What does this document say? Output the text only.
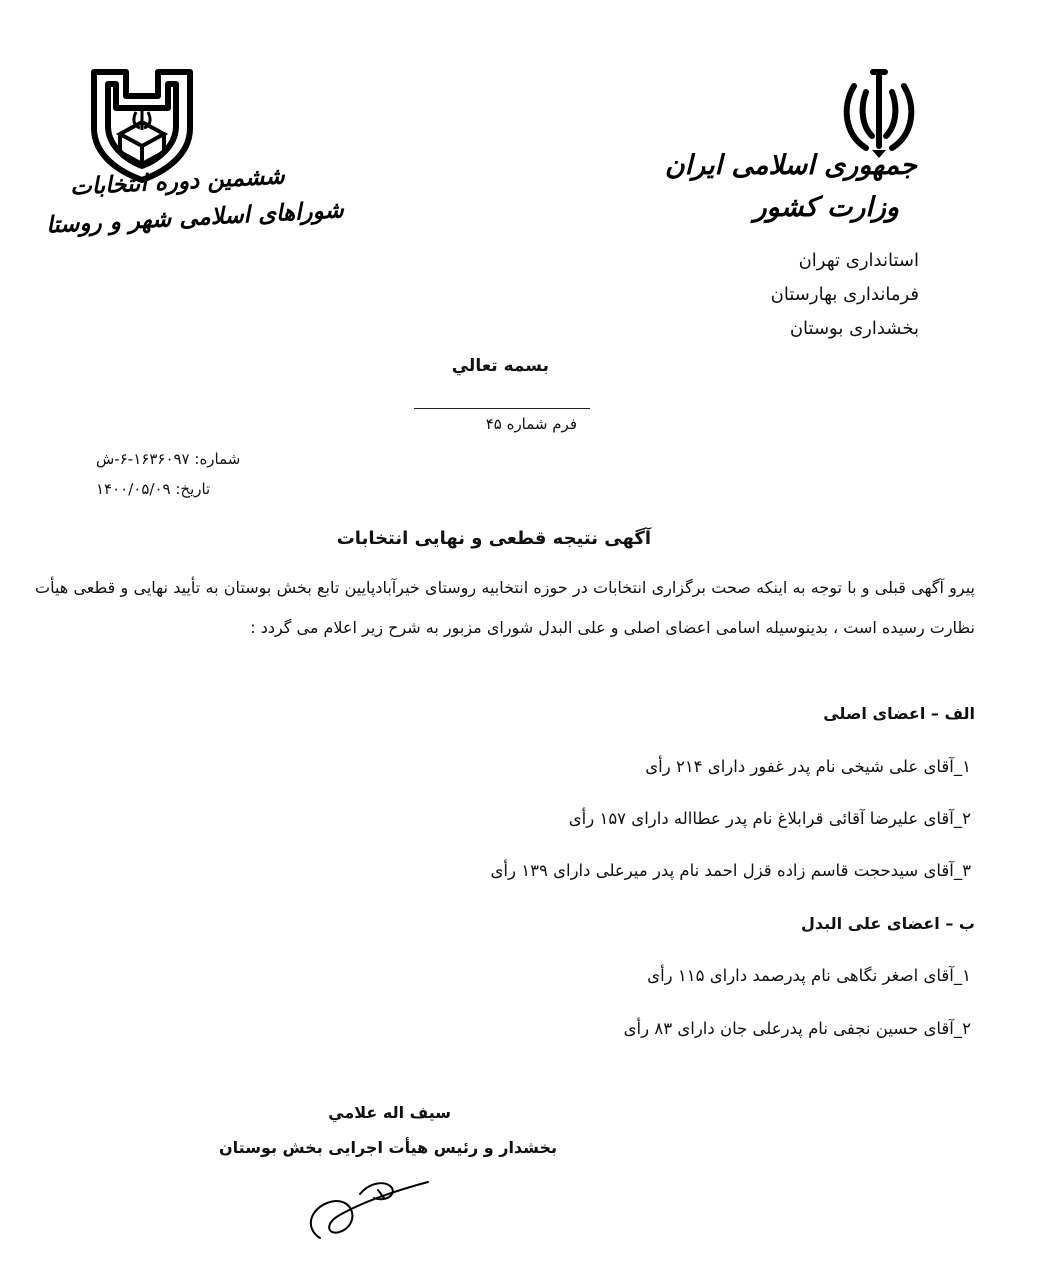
جمهوری اسلامی ایران
وزارت کشور
استانداری تهران
فرمانداری بهارستان
بخشداری بوستان
ششمین دوره انتخابات
شوراهای اسلامی شهر و روستا
بسمه تعالي
فرم شماره ۴۵
شماره: ۱۶۳۶۰۹۷-۶-ش
تاریخ: ۱۴۰۰/۰۵/۰۹
آگهی نتیجه قطعی و نهایی انتخابات
پیرو آگهی قبلی و با توجه به اینکه صحت برگزاری انتخابات در حوزه انتخابیه روستای خیرآبادپایین تابع بخش بوستان به تأیید نهایی و قطعی هیأت نظارت رسیده است ، بدینوسیله اسامی اعضای اصلی و علی البدل شورای مزبور به شرح زیر اعلام می گردد :
الف – اعضای اصلی
۱_آقای علی شیخی نام پدر غفور دارای ۲۱۴ رأی
۲_آقای علیرضا آقائی قرابلاغ نام پدر عطااله دارای ۱۵۷ رأی
۳_آقای سیدحجت قاسم زاده قزل احمد نام پدر میرعلی دارای ۱۳۹ رأی
ب – اعضای علی البدل
۱_آقای اصغر نگاهی نام پدرصمد دارای ۱۱۵ رأی
۲_آقای حسین نجفی نام پدرعلی جان دارای ۸۳ رأی
سیف اله علامي
بخشدار و رئیس هیأت اجرایی بخش بوستان
